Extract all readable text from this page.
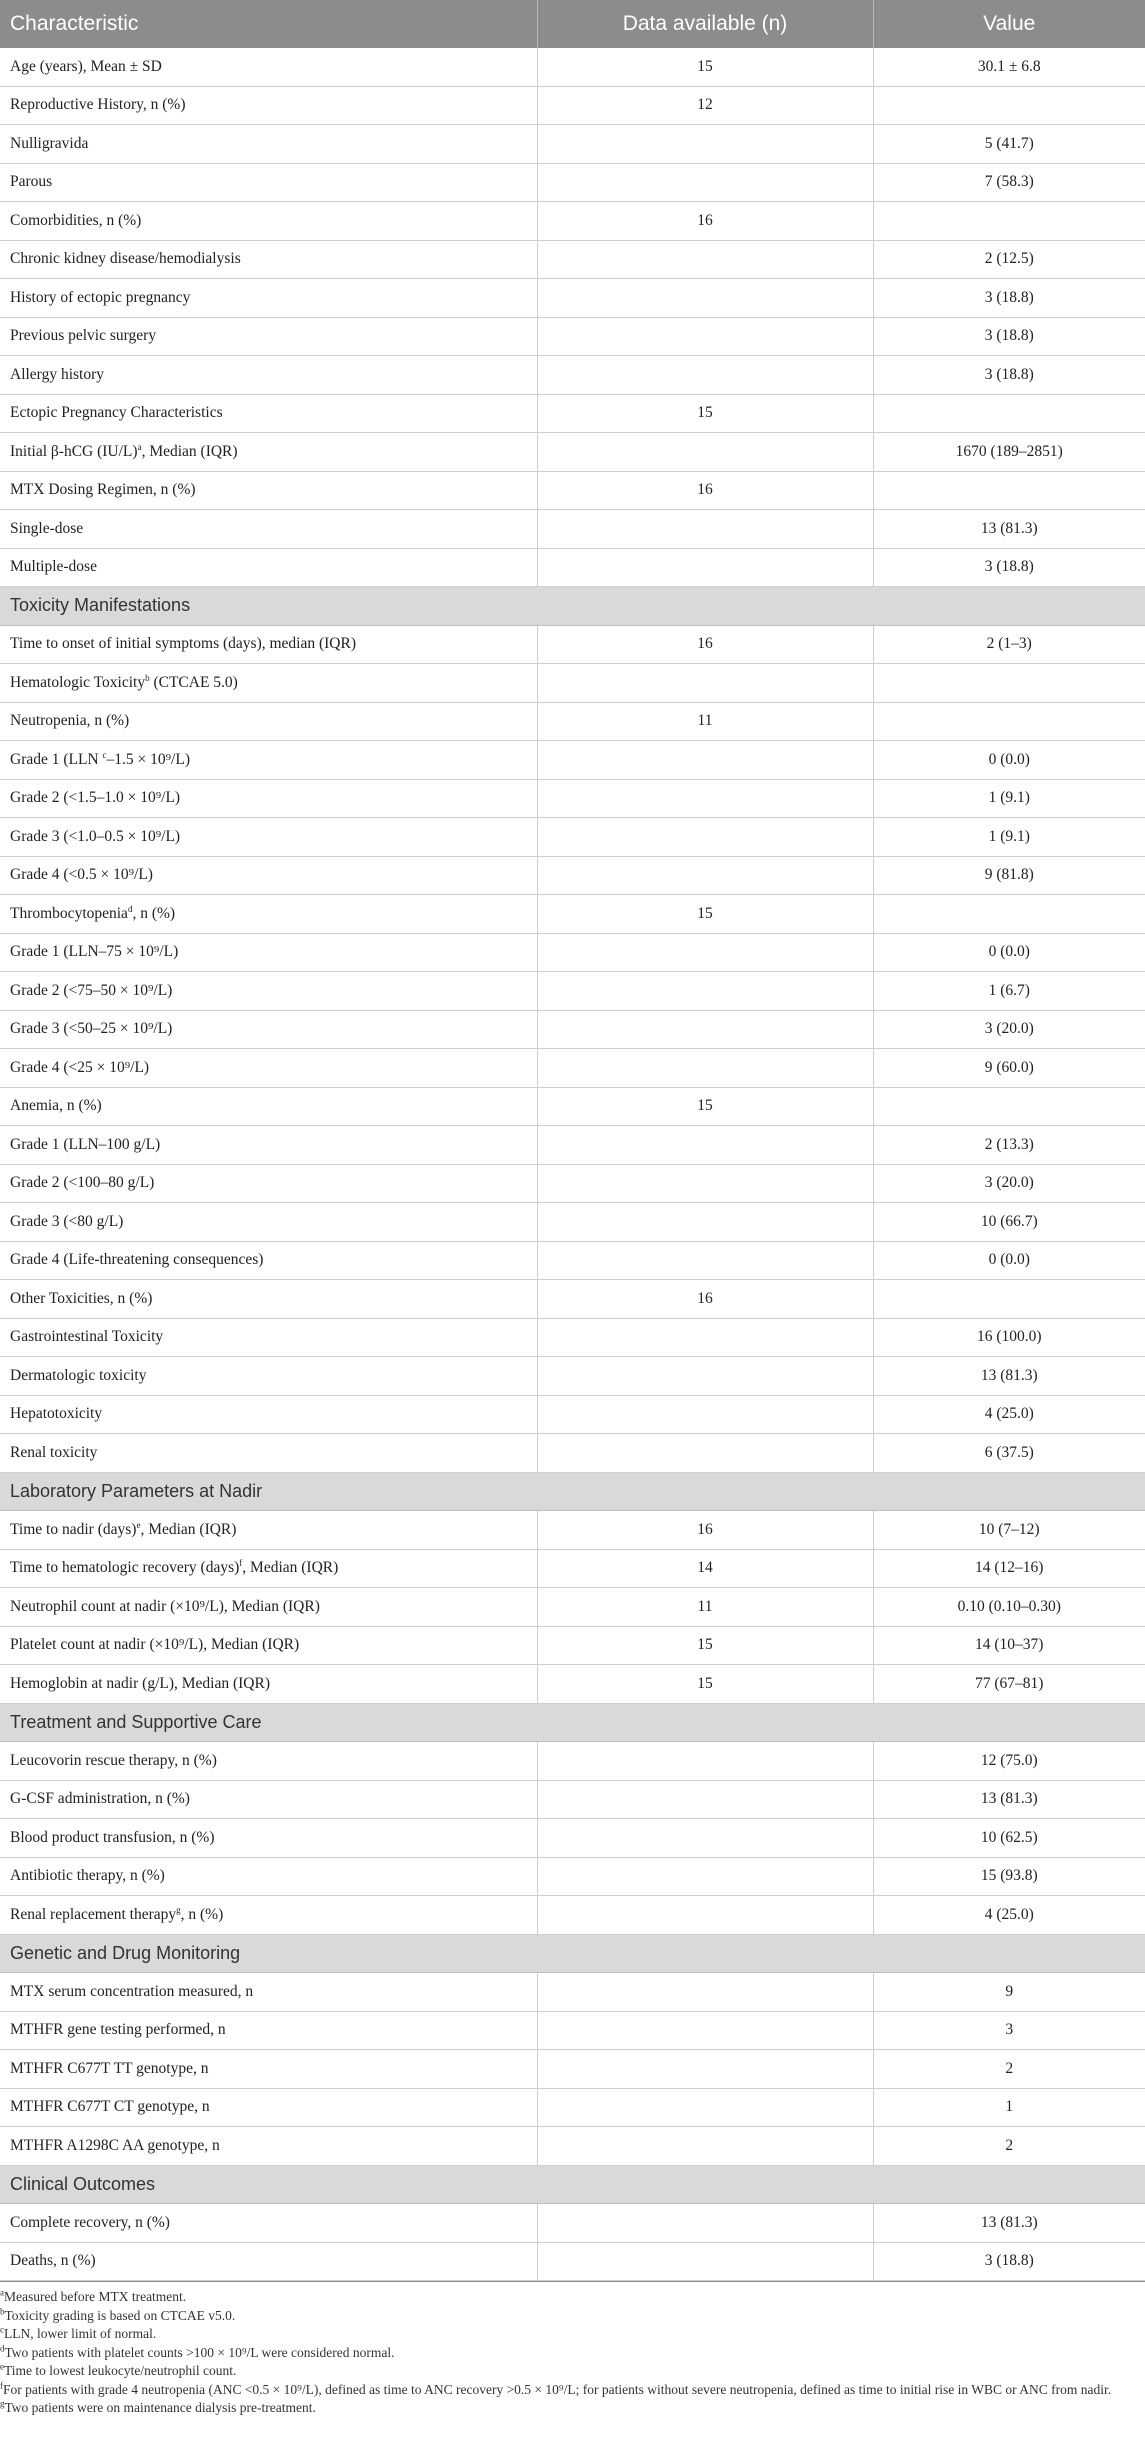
Characteristic	Data available (n)	Value
Age (years), Mean ± SD	15	30.1 ± 6.8
Reproductive History, n (%)	12	
Nulligravida		5 (41.7)
Parous		7 (58.3)
Comorbidities, n (%)	16	
Chronic kidney disease/hemodialysis		2 (12.5)
History of ectopic pregnancy		3 (18.8)
Previous pelvic surgery		3 (18.8)
Allergy history		3 (18.8)
Ectopic Pregnancy Characteristics	15	
Initial β-hCG $(IU/L)^a$, Median (IQR)		1670 (189–2851)
MTX Dosing Regimen, n (%)	16	
Single-dose		13 (81.3)
Multiple-dose		3 (18.8)
Toxicity Manifestations		
Time to onset of initial symptoms (days), median (IQR)	16	2 (1–3)
Hematologic Toxicity$^b$ (CTCAE 5.0)		
Neutropenia, n (%)	11	
Grade 1 (LLN $^c$–1.5 × 10⁹/L)		0 (0.0)
Grade 2 (<1.5–1.0 × 10⁹/L)		1 (9.1)
Grade 3 (<1.0–0.5 × 10⁹/L)		1 (9.1)
Grade 4 (<0.5 × 10⁹/L)		9 (81.8)
Thrombocytopenia$^d$, n (%)	15	
Grade 1 (LLN–75 × 10⁹/L)		0 (0.0)
Grade 2 (<75–50 × 10⁹/L)		1 (6.7)
Grade 3 (<50–25 × 10⁹/L)		3 (20.0)
Grade 4 (<25 × 10⁹/L)		9 (60.0)
Anemia, n (%)	15	
Grade 1 (LLN–100 g/L)		2 (13.3)
Grade 2 (<100–80 g/L)		3 (20.0)
Grade 3 (<80 g/L)		10 (66.7)
Grade 4 (Life-threatening consequences)		0 (0.0)
Other Toxicities, n (%)	16	
Gastrointestinal Toxicity		16 (100.0)
Dermatologic toxicity		13 (81.3)
Hepatotoxicity		4 (25.0)
Renal toxicity		6 (37.5)
Laboratory Parameters at Nadir		
Time to nadir (days)$^e$, Median (IQR)	16	10 (7–12)
Time to hematologic recovery (days)$^f$, Median (IQR)	14	14 (12–16)
Neutrophil count at nadir (×10⁹/L), Median (IQR)	11	0.10 (0.10–0.30)
Platelet count at nadir (×10⁹/L), Median (IQR)	15	14 (10–37)
Hemoglobin at nadir (g/L), Median (IQR)	15	77 (67–81)
Treatment and Supportive Care		
Leucovorin rescue therapy, n (%)		12 (75.0)
G-CSF administration, n (%)		13 (81.3)
Blood product transfusion, n (%)		10 (62.5)
Antibiotic therapy, n (%)		15 (93.8)
Renal replacement therapy$^g$, n (%)		4 (25.0)
Genetic and Drug Monitoring		
MTX serum concentration measured, n		9
MTHFR gene testing performed, n		3
MTHFR C677T TT genotype, n		2
MTHFR C677T CT genotype, n		1
MTHFR A1298C AA genotype, n		2
Clinical Outcomes		
Complete recovery, n (%)		13 (81.3)
Deaths, n (%)		3 (18.8)
$^a$Measured before MTX treatment.
$^b$Toxicity grading is based on CTCAE v5.0.
$^c$LLN, lower limit of normal.
$^d$Two patients with platelet counts >100 × 10⁹/L were considered normal.
$^e$Time to lowest leukocyte/neutrophil count.
$^f$For patients with grade 4 neutropenia (ANC <0.5 × 10⁹/L), defined as time to ANC recovery >0.5 × 10⁹/L; for patients without severe neutropenia, defined as time to initial rise in WBC or ANC from nadir.
$^g$Two patients were on maintenance dialysis pre-treatment.
